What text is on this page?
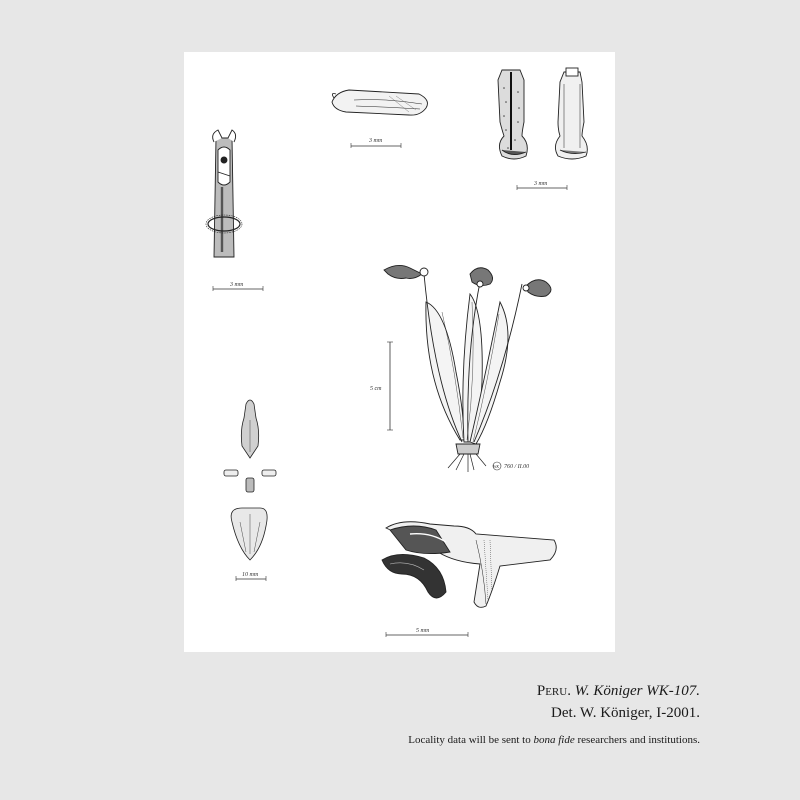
3 mm
3 mm
3 mm
5 cm
WK 760 / II.00
10 mm
5 mm
Peru. W. Königer WK-107.
Det. W. Königer, I-2001.
Locality data will be sent to bona fide researchers and institutions.
